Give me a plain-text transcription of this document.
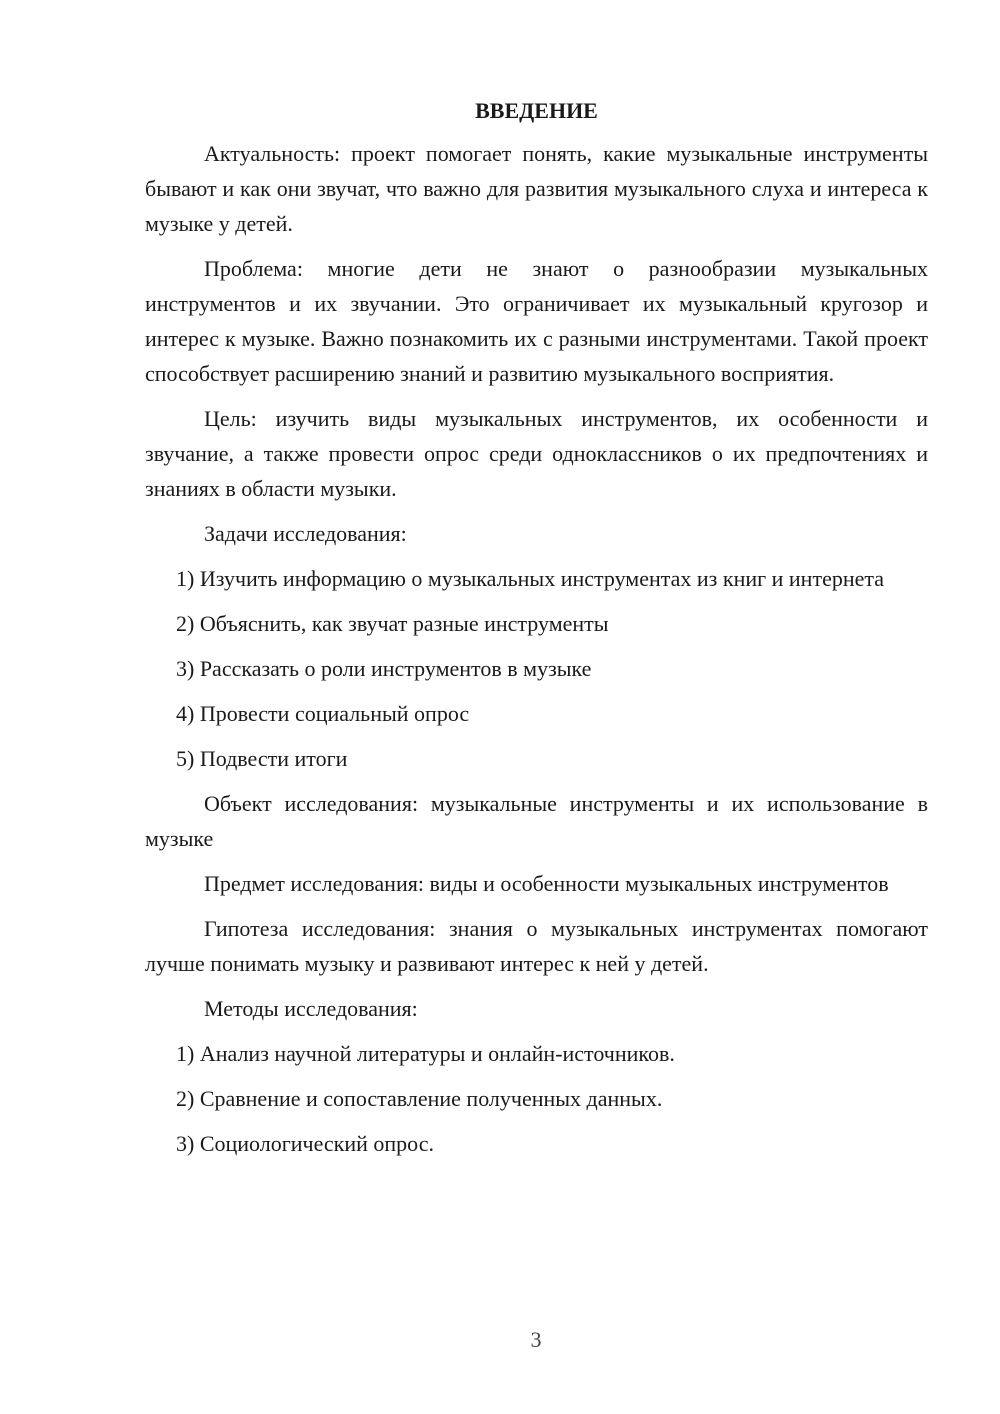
ВВЕДЕНИЕ

Актуальность: проект помогает понять, какие музыкальные инструменты бывают и как они звучат, что важно для развития музыкального слуха и интереса к музыке у детей.

Проблема: многие дети не знают о разнообразии музыкальных инструментов и их звучании. Это ограничивает их музыкальный кругозор и интерес к музыке. Важно познакомить их с разными инструментами. Такой проект способствует расширению знаний и развитию музыкального восприятия.

Цель: изучить виды музыкальных инструментов, их особенности и звучание, а также провести опрос среди одноклассников о их предпочтениях и знаниях в области музыки.

Задачи исследования:

1) Изучить информацию о музыкальных инструментах из книг и интернета

2) Объяснить, как звучат разные инструменты

3) Рассказать о роли инструментов в музыке

4) Провести социальный опрос

5) Подвести итоги

Объект исследования: музыкальные инструменты и их использование в музыке

Предмет исследования: виды и особенности музыкальных инструментов

Гипотеза исследования: знания о музыкальных инструментах помогают лучше понимать музыку и развивают интерес к ней у детей.

Методы исследования:

1) Анализ научной литературы и онлайн-источников.

2) Сравнение и сопоставление полученных данных.

3) Социологический опрос.

3
